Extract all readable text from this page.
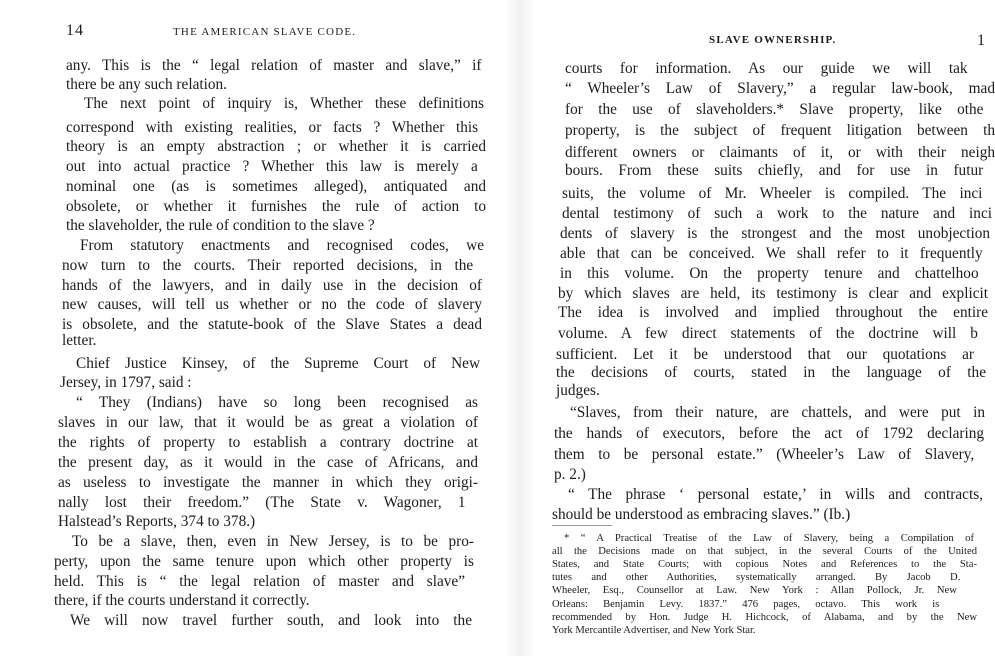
14	THE AMERICAN SLAVE CODE.
any. This is the “ legal relation of master and slave,” if
there be any such relation.
The next point of inquiry is, Whether these definitions
correspond with existing realities, or facts ? Whether this
theory is an empty abstraction ; or whether it is carried
out into actual practice ? Whether this law is merely a
nominal one (as is sometimes alleged), antiquated and
obsolete, or whether it furnishes the rule of action to
the slaveholder, the rule of condition to the slave ?
From statutory enactments and recognised codes, we
now turn to the courts. Their reported decisions, in the
hands of the lawyers, and in daily use in the decision of
new causes, will tell us whether or no the code of slavery
is obsolete, and the statute-book of the Slave States a dead
letter.
Chief Justice Kinsey, of the Supreme Court of New
Jersey, in 1797, said :
“ They (Indians) have so long been recognised as
slaves in our law, that it would be as great a violation of
the rights of property to establish a contrary doctrine at
the present day, as it would in the case of Africans, and
as useless to investigate the manner in which they origi-
nally lost their freedom.” (The State v. Wagoner, 1
Halstead’s Reports, 374 to 378.)
To be a slave, then, even in New Jersey, is to be pro-
perty, upon the same tenure upon which other property is
held. This is “ the legal relation of master and slave”
there, if the courts understand it correctly.
We will now travel further south, and look into the
SLAVE OWNERSHIP.	1
courts for information. As our guide we will tak
“ Wheeler’s Law of Slavery,” a regular law-book, mad
for the use of slaveholders.* Slave property, like othe
property, is the subject of frequent litigation between th
different owners or claimants of it, or with their neigh
bours. From these suits chiefly, and for use in futur
suits, the volume of Mr. Wheeler is compiled. The inci
dental testimony of such a work to the nature and inci
dents of slavery is the strongest and the most unobjection
able that can be conceived. We shall refer to it frequently
in this volume. On the property tenure and chattelhoo
by which slaves are held, its testimony is clear and explicit
The idea is involved and implied throughout the entire
volume. A few direct statements of the doctrine will b
sufficient. Let it be understood that our quotations ar
the decisions of courts, stated in the language of the
judges.
“Slaves, from their nature, are chattels, and were put in
the hands of executors, before the act of 1792 declaring
them to be personal estate.” (Wheeler’s Law of Slavery,
p. 2.)
“ The phrase ‘ personal estate,’ in wills and contracts,
should be understood as embracing slaves.” (Ib.)
* “ A Practical Treatise of the Law of Slavery, being a Compilation of
all the Decisions made on that subject, in the several Courts of the United
States, and State Courts; with copious Notes and References to the Sta-
tutes and other Authorities, systematically arranged. By Jacob D.
Wheeler, Esq., Counsellor at Law. New York : Allan Pollock, Jr. New
Orleans: Benjamin Levy. 1837.” 476 pages, octavo. This work is
recommended by Hon. Judge H. Hichcock, of Alabama, and by the New
York Mercantile Advertiser, and New York Star.
